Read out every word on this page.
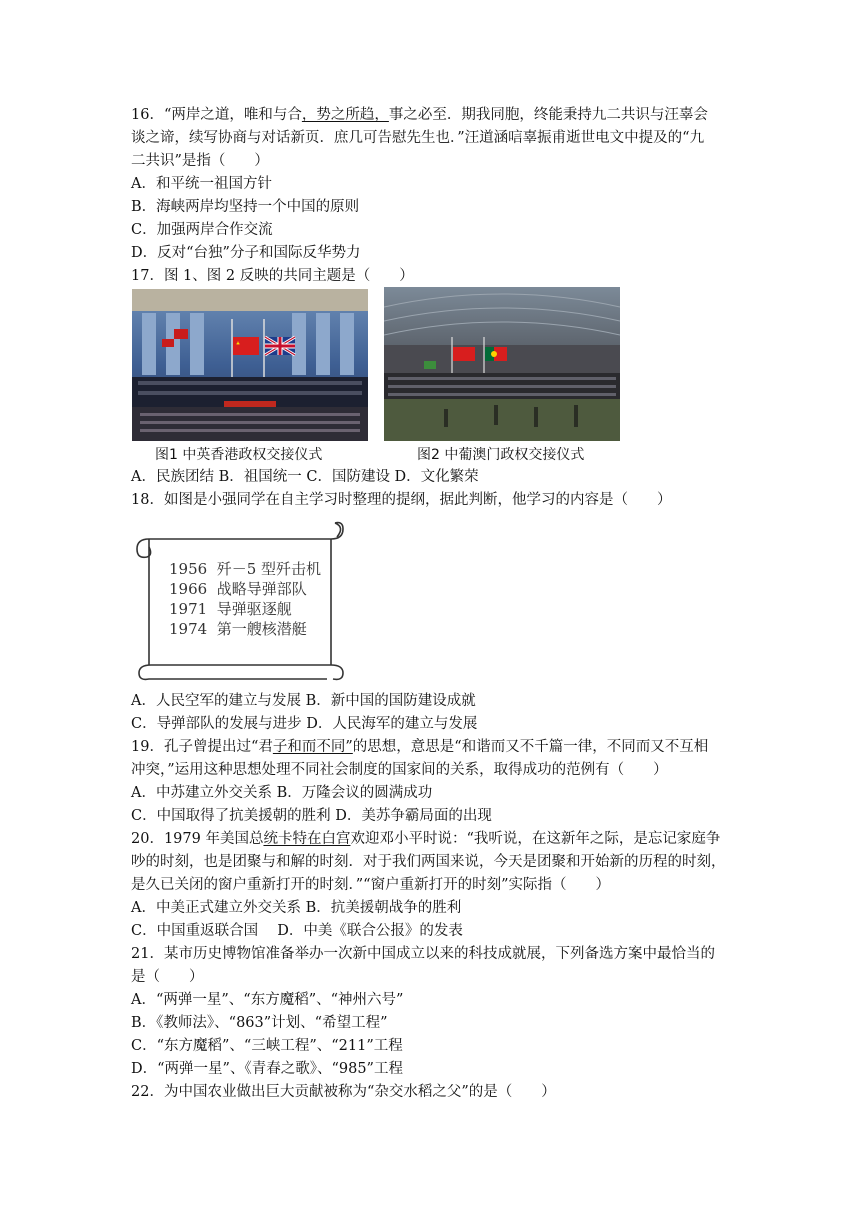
16．“两岸之道，唯和与合，势之所趋，事之必至．期我同胞，终能秉持九二共识与汪辜会
谈之谛，续写协商与对话新页．庶几可告慰先生也．”汪道涵唁辜振甫逝世电文中提及的“九
二共识”是指（　　）
A．和平统一祖国方针
B．海峡两岸均坚持一个中国的原则
C．加强两岸合作交流
D．反对“台独”分子和国际反华势力
17．图 1、图 2 反映的共同主题是（　　）
图1 中英香港政权交接仪式	图2 中葡澳门政权交接仪式
A．民族团结 B．祖国统一 C．国防建设 D．文化繁荣
18．如图是小强同学在自主学习时整理的提纲，据此判断，他学习的内容是（　　）
1956 歼－5 型歼击机
1966 战略导弹部队
1971 导弹驱逐舰
1974 第一艘核潜艇
A．人民空军的建立与发展 B．新中国的国防建设成就
C．导弹部队的发展与进步 D．人民海军的建立与发展
19．孔子曾提出过“君子和而不同”的思想，意思是“和谐而又不千篇一律，不同而又不互相
冲突，”运用这种思想处理不同社会制度的国家间的关系，取得成功的范例有（　　）
A．中苏建立外交关系 B．万隆会议的圆满成功
C．中国取得了抗美援朝的胜利 D．美苏争霸局面的出现
20．1979 年美国总统卡特在白宫欢迎邓小平时说：“我听说，在这新年之际，是忘记家庭争
吵的时刻，也是团聚与和解的时刻．对于我们两国来说，今天是团聚和开始新的历程的时刻，
是久已关闭的窗户重新打开的时刻．”“窗户重新打开的时刻”实际指（　　）
A．中美正式建立外交关系 B．抗美援朝战争的胜利
C．中国重返联合国　 D．中美《联合公报》的发表
21．某市历史博物馆准备举办一次新中国成立以来的科技成就展，下列备选方案中最恰当的
是（　　）
A．“两弹一星”、“东方魔稻”、“神州六号”
B．《教师法》、“863”计划、“希望工程”
C．“东方魔稻”、“三峡工程”、“211”工程
D．“两弹一星”、《青春之歌》、“985”工程
22．为中国农业做出巨大贡献被称为“杂交水稻之父”的是（　　）
